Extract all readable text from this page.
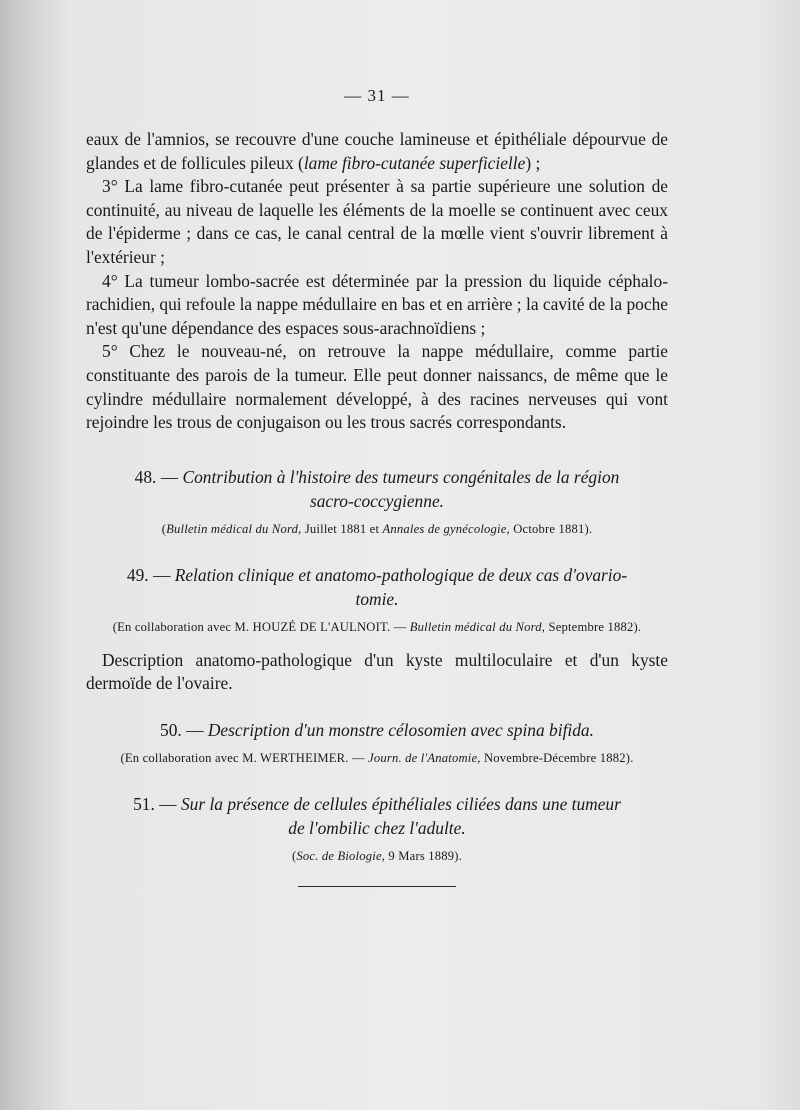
— 31 —

eaux de l'amnios, se recouvre d'une couche lamineuse et épithéliale dépourvue de glandes et de follicules pileux (lame fibro-cutanée superficielle) ;

3° La lame fibro-cutanée peut présenter à sa partie supérieure une solution de continuité, au niveau de laquelle les éléments de la moelle se continuent avec ceux de l'épiderme ; dans ce cas, le canal central de la mœlle vient s'ouvrir librement à l'extérieur ;

4° La tumeur lombo-sacrée est déterminée par la pression du liquide céphalo-rachidien, qui refoule la nappe médullaire en bas et en arrière ; la cavité de la poche n'est qu'une dépendance des espaces sous-arachnoïdiens ;

5° Chez le nouveau-né, on retrouve la nappe médullaire, comme partie constituante des parois de la tumeur. Elle peut donner naissancs, de même que le cylindre médullaire normalement développé, à des racines nerveuses qui vont rejoindre les trous de conjugaison ou les trous sacrés correspondants.

48. — Contribution à l'histoire des tumeurs congénitales de la région
sacro-coccygienne.

(Bulletin médical du Nord, Juillet 1881 et Annales de gynécologie, Octobre 1881).

49. — Relation clinique et anatomo-pathologique de deux cas d'ovario-
tomie.

(En collaboration avec M. HOUZÉ DE L'AULNOIT. — Bulletin médical du Nord, Septembre 1882).

Description anatomo-pathologique d'un kyste multiloculaire et d'un kyste dermoïde de l'ovaire.

50. — Description d'un monstre célosomien avec spina bifida.

(En collaboration avec M. WERTHEIMER. — Journ. de l'Anatomie, Novembre-Décembre 1882).

51. — Sur la présence de cellules épithéliales ciliées dans une tumeur
de l'ombilic chez l'adulte.

(Soc. de Biologie, 9 Mars 1889).
